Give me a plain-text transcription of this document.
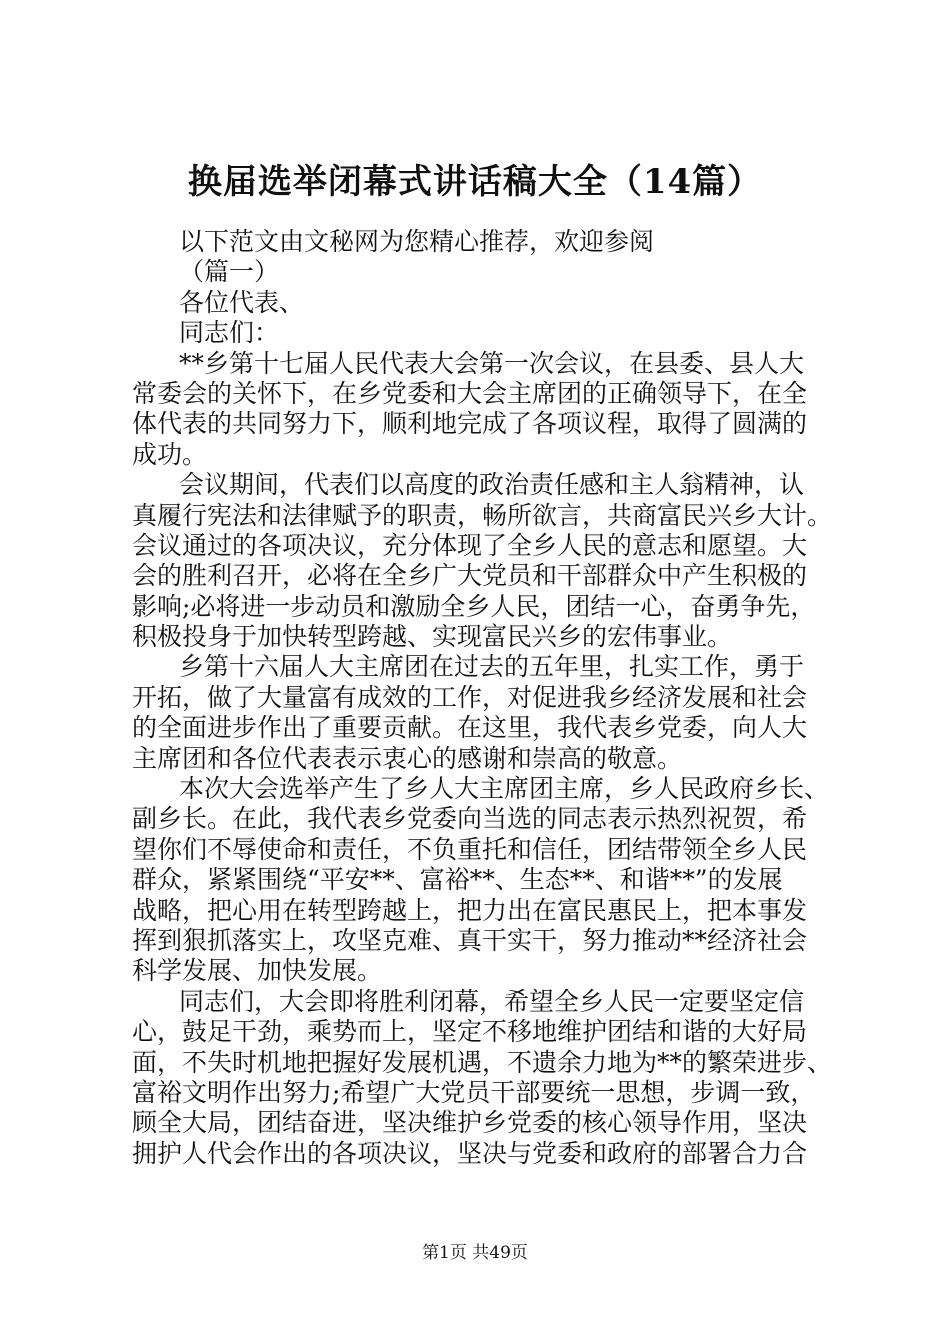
换届选举闭幕式讲话稿大全（14篇）

以下范文由文秘网为您精心推荐，欢迎参阅

（篇一）

各位代表、

同志们：

**乡第十七届人民代表大会第一次会议，在县委、县人大

常委会的关怀下，在乡党委和大会主席团的正确领导下，在全

体代表的共同努力下，顺利地完成了各项议程，取得了圆满的

成功。

会议期间，代表们以高度的政治责任感和主人翁精神，认

真履行宪法和法律赋予的职责，畅所欲言，共商富民兴乡大计。

会议通过的各项决议，充分体现了全乡人民的意志和愿望。大

会的胜利召开，必将在全乡广大党员和干部群众中产生积极的

影响;必将进一步动员和激励全乡人民，团结一心，奋勇争先，

积极投身于加快转型跨越、实现富民兴乡的宏伟事业。

乡第十六届人大主席团在过去的五年里，扎实工作，勇于

开拓，做了大量富有成效的工作，对促进我乡经济发展和社会

的全面进步作出了重要贡献。在这里，我代表乡党委，向人大

主席团和各位代表表示衷心的感谢和崇高的敬意。

本次大会选举产生了乡人大主席团主席，乡人民政府乡长、

副乡长。在此，我代表乡党委向当选的同志表示热烈祝贺，希

望你们不辱使命和责任，不负重托和信任，团结带领全乡人民

群众，紧紧围绕“平安**、富裕**、生态**、和谐**”的发展

战略，把心用在转型跨越上，把力出在富民惠民上，把本事发

挥到狠抓落实上，攻坚克难、真干实干，努力推动**经济社会

科学发展、加快发展。

同志们，大会即将胜利闭幕，希望全乡人民一定要坚定信

心，鼓足干劲，乘势而上，坚定不移地维护团结和谐的大好局

面，不失时机地把握好发展机遇，不遗余力地为**的繁荣进步、

富裕文明作出努力;希望广大党员干部要统一思想，步调一致，

顾全大局，团结奋进，坚决维护乡党委的核心领导作用，坚决

拥护人代会作出的各项决议，坚决与党委和政府的部署合力合

第1页 共49页
